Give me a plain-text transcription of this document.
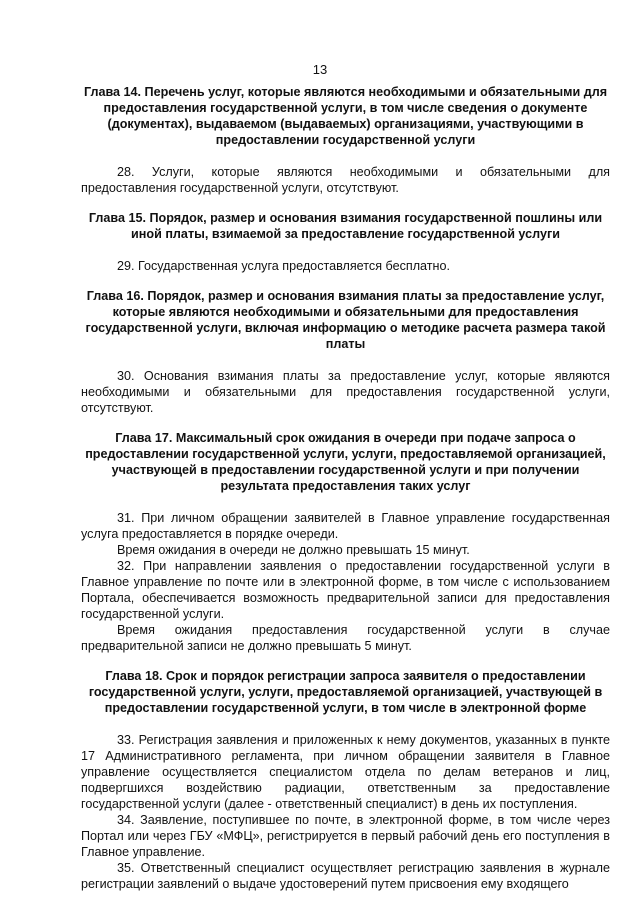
13
Глава 14. Перечень услуг, которые являются необходимыми и обязательными для предоставления государственной услуги, в том числе сведения о документе (документах), выдаваемом (выдаваемых) организациями, участвующими в предоставлении государственной услуги

28. Услуги, которые являются необходимыми и обязательными для предоставления государственной услуги, отсутствуют.

Глава 15. Порядок, размер и основания взимания государственной пошлины или иной платы, взимаемой за предоставление государственной услуги

29. Государственная услуга предоставляется бесплатно.

Глава 16. Порядок, размер и основания взимания платы за предоставление услуг, которые являются необходимыми и обязательными для предоставления государственной услуги, включая информацию о методике расчета размера такой платы

30. Основания взимания платы за предоставление услуг, которые являются необходимыми и обязательными для предоставления государственной услуги, отсутствуют.

Глава 17. Максимальный срок ожидания в очереди при подаче запроса о предоставлении государственной услуги, услуги, предоставляемой организацией, участвующей в предоставлении государственной услуги и при получении результата предоставления таких услуг

31. При личном обращении заявителей в Главное управление государственная услуга предоставляется в порядке очереди.

Время ожидания в очереди не должно превышать 15 минут.

32. При направлении заявления о предоставлении государственной услуги в Главное управление по почте или в электронной форме, в том числе с использованием Портала, обеспечивается возможность предварительной записи для предоставления государственной услуги.

Время ожидания предоставления государственной услуги в случае предварительной записи не должно превышать 5 минут.

Глава 18. Срок и порядок регистрации запроса заявителя о предоставлении государственной услуги, услуги, предоставляемой организацией, участвующей в предоставлении государственной услуги, в том числе в электронной форме

33. Регистрация заявления и приложенных к нему документов, указанных в пункте 17 Административного регламента, при личном обращении заявителя в Главное управление осуществляется специалистом отдела по делам ветеранов и лиц, подвергшихся воздействию радиации, ответственным за предоставление государственной услуги (далее - ответственный специалист) в день их поступления.

34. Заявление, поступившее по почте, в электронной форме, в том числе через Портал или через ГБУ «МФЦ», регистрируется в первый рабочий день его поступления в Главное управление.

35. Ответственный специалист осуществляет регистрацию заявления в журнале регистрации заявлений о выдаче удостоверений путем присвоения ему входящего
